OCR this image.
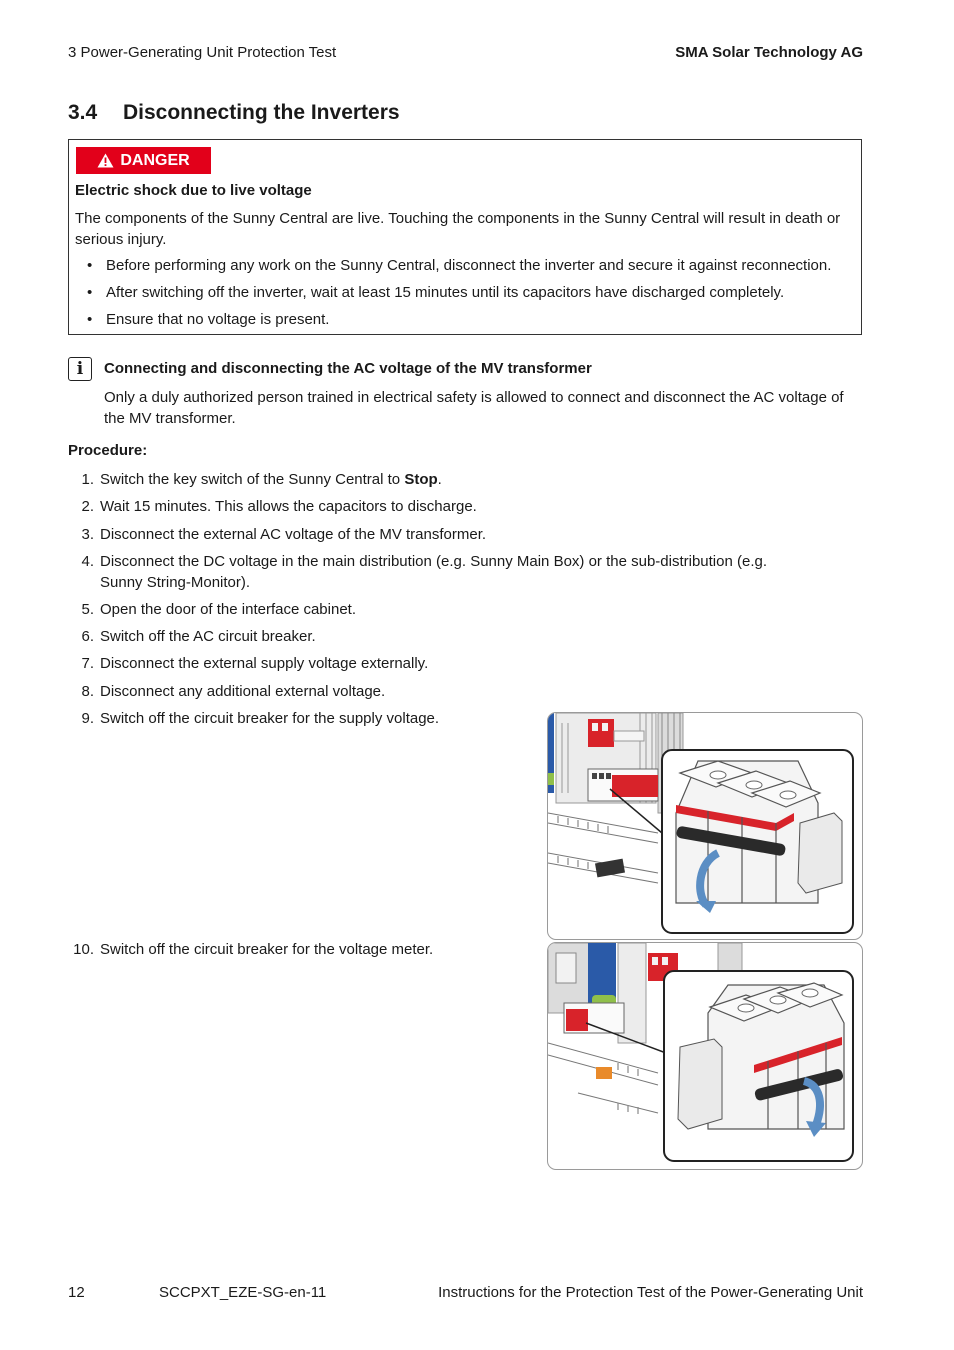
3 Power-Generating Unit Protection Test	SMA Solar Technology AG
3.4 Disconnecting the Inverters
DANGER
Electric shock due to live voltage
The components of the Sunny Central are live. Touching the components in the Sunny Central will result in death or serious injury.
• Before performing any work on the Sunny Central, disconnect the inverter and secure it against reconnection.
• After switching off the inverter, wait at least 15 minutes until its capacitors have discharged completely.
• Ensure that no voltage is present.
i	Connecting and disconnecting the AC voltage of the MV transformer
Only a duly authorized person trained in electrical safety is allowed to connect and disconnect the AC voltage of the MV transformer.
Procedure:
1. Switch the key switch of the Sunny Central to Stop.
2. Wait 15 minutes. This allows the capacitors to discharge.
3. Disconnect the external AC voltage of the MV transformer.
4. Disconnect the DC voltage in the main distribution (e.g. Sunny Main Box) or the sub-distribution (e.g.
Sunny String-Monitor).
5. Open the door of the interface cabinet.
6. Switch off the AC circuit breaker.
7. Disconnect the external supply voltage externally.
8. Disconnect any additional external voltage.
9. Switch off the circuit breaker for the supply voltage.
10. Switch off the circuit breaker for the voltage meter.
12	SCCPXT_EZE-SG-en-11	Instructions for the Protection Test of the Power-Generating Unit
